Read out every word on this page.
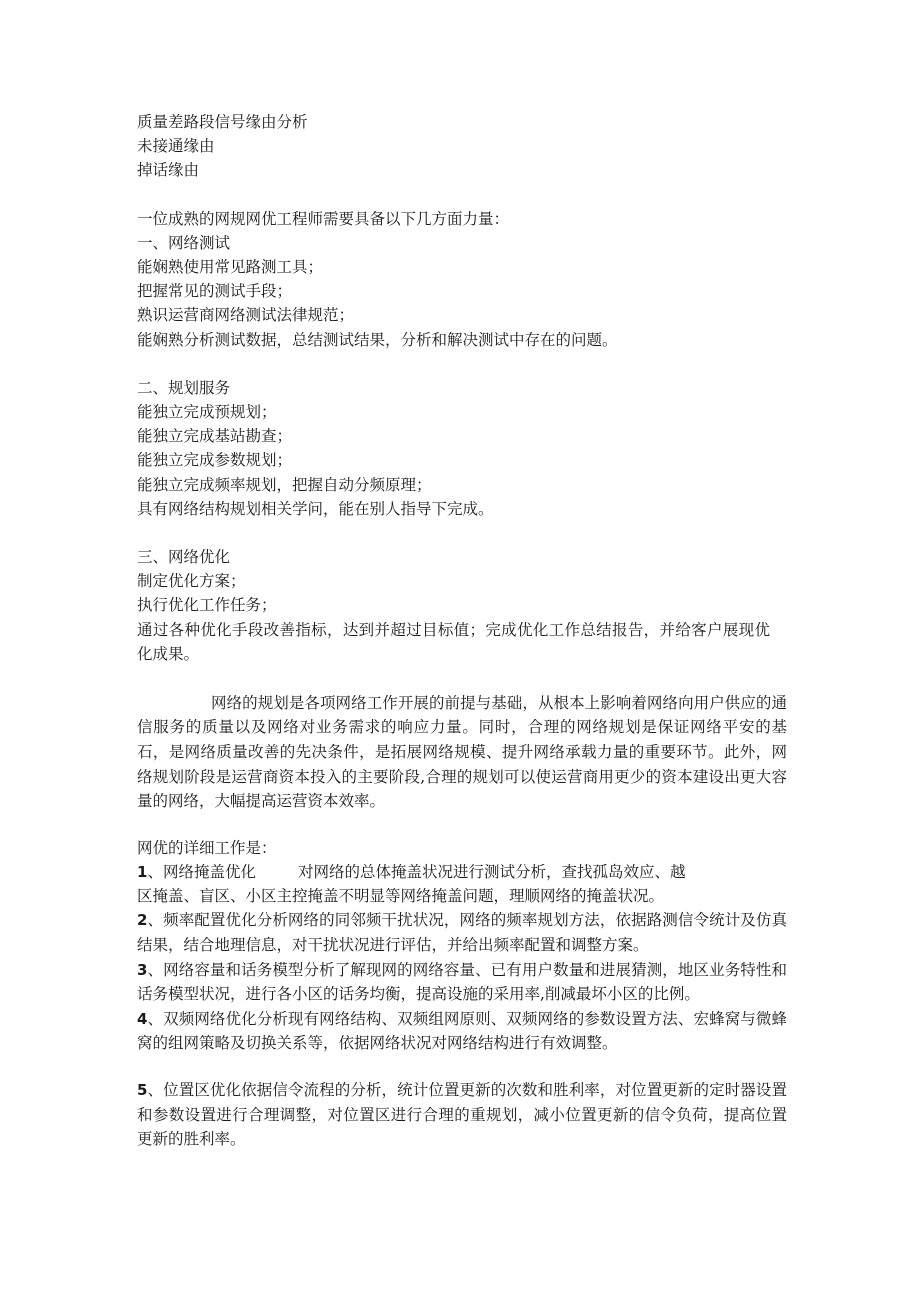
质量差路段信号缘由分析
未接通缘由
掉话缘由
一位成熟的网规网优工程师需要具备以下几方面力量：
一、网络测试
能娴熟使用常见路测工具；
把握常见的测试手段；
熟识运营商网络测试法律规范；
能娴熟分析测试数据，总结测试结果，分析和解决测试中存在的问题。
二、规划服务
能独立完成预规划；
能独立完成基站勘查；
能独立完成参数规划；
能独立完成频率规划，把握自动分频原理；
具有网络结构规划相关学问，能在别人指导下完成。
三、网络优化
制定优化方案；
执行优化工作任务；
通过各种优化手段改善指标，达到并超过目标值；完成优化工作总结报告，并给客户展现优化成果。
网络的规划是各项网络工作开展的前提与基础，从根本上影响着网络向用户供应的通信服务的质量以及网络对业务需求的响应力量。同时，合理的网络规划是保证网络平安的基石，是网络质量改善的先决条件，是拓展网络规模、提升网络承载力量的重要环节。此外，网络规划阶段是运营商资本投入的主要阶段,合理的规划可以使运营商用更少的资本建设出更大容量的网络，大幅提高运营资本效率。
网优的详细工作是：
1、网络掩盖优化	对网络的总体掩盖状况进行测试分析，查找孤岛效应、越
区掩盖、盲区、小区主控掩盖不明显等网络掩盖问题，理顺网络的掩盖状况。
2、频率配置优化分析网络的同邻频干扰状况，网络的频率规划方法，依据路测信令统计及仿真结果，结合地理信息，对干扰状况进行评估，并给出频率配置和调整方案。
3、网络容量和话务模型分析了解现网的网络容量、已有用户数量和进展猜测，地区业务特性和话务模型状况，进行各小区的话务均衡，提高设施的采用率,削减最坏小区的比例。
4、双频网络优化分析现有网络结构、双频组网原则、双频网络的参数设置方法、宏蜂窝与微蜂窝的组网策略及切换关系等，依据网络状况对网络结构进行有效调整。
5、位置区优化依据信令流程的分析，统计位置更新的次数和胜利率，对位置更新的定时器设置和参数设置进行合理调整，对位置区进行合理的重规划，减小位置更新的信令负荷，提高位置更新的胜利率。
